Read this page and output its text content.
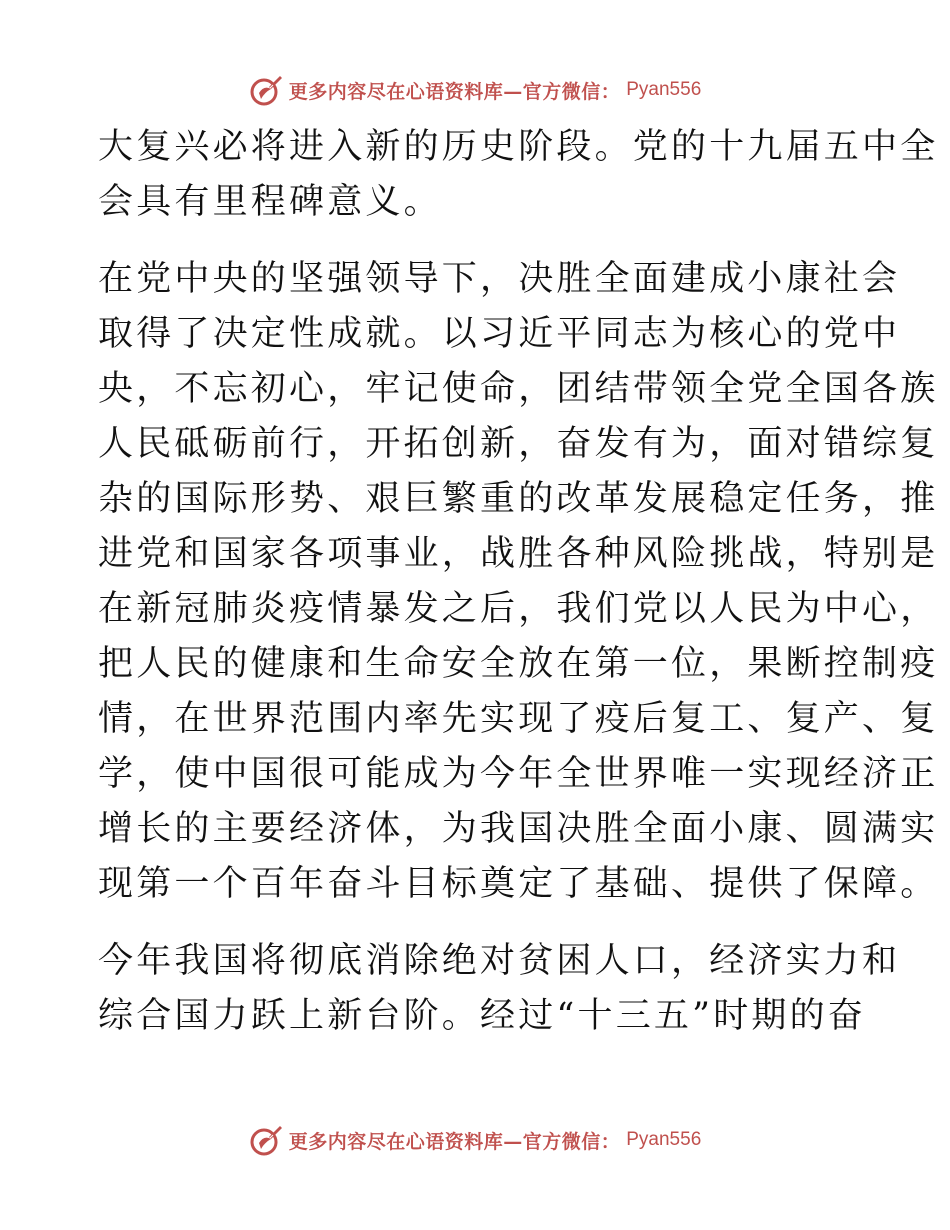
更多内容尽在心语资料库—官方微信： Pyan556
大复兴必将进入新的历史阶段。党的十九届五中全
会具有里程碑意义。
在党中央的坚强领导下，决胜全面建成小康社会
取得了决定性成就。以习近平同志为核心的党中
央，不忘初心，牢记使命，团结带领全党全国各族
人民砥砺前行，开拓创新，奋发有为，面对错综复
杂的国际形势、艰巨繁重的改革发展稳定任务，推
进党和国家各项事业，战胜各种风险挑战，特别是
在新冠肺炎疫情暴发之后，我们党以人民为中心，
把人民的健康和生命安全放在第一位，果断控制疫
情，在世界范围内率先实现了疫后复工、复产、复
学，使中国很可能成为今年全世界唯一实现经济正
增长的主要经济体，为我国决胜全面小康、圆满实
现第一个百年奋斗目标奠定了基础、提供了保障。
今年我国将彻底消除绝对贫困人口，经济实力和
综合国力跃上新台阶。经过“十三五”时期的奋
更多内容尽在心语资料库—官方微信： Pyan556
